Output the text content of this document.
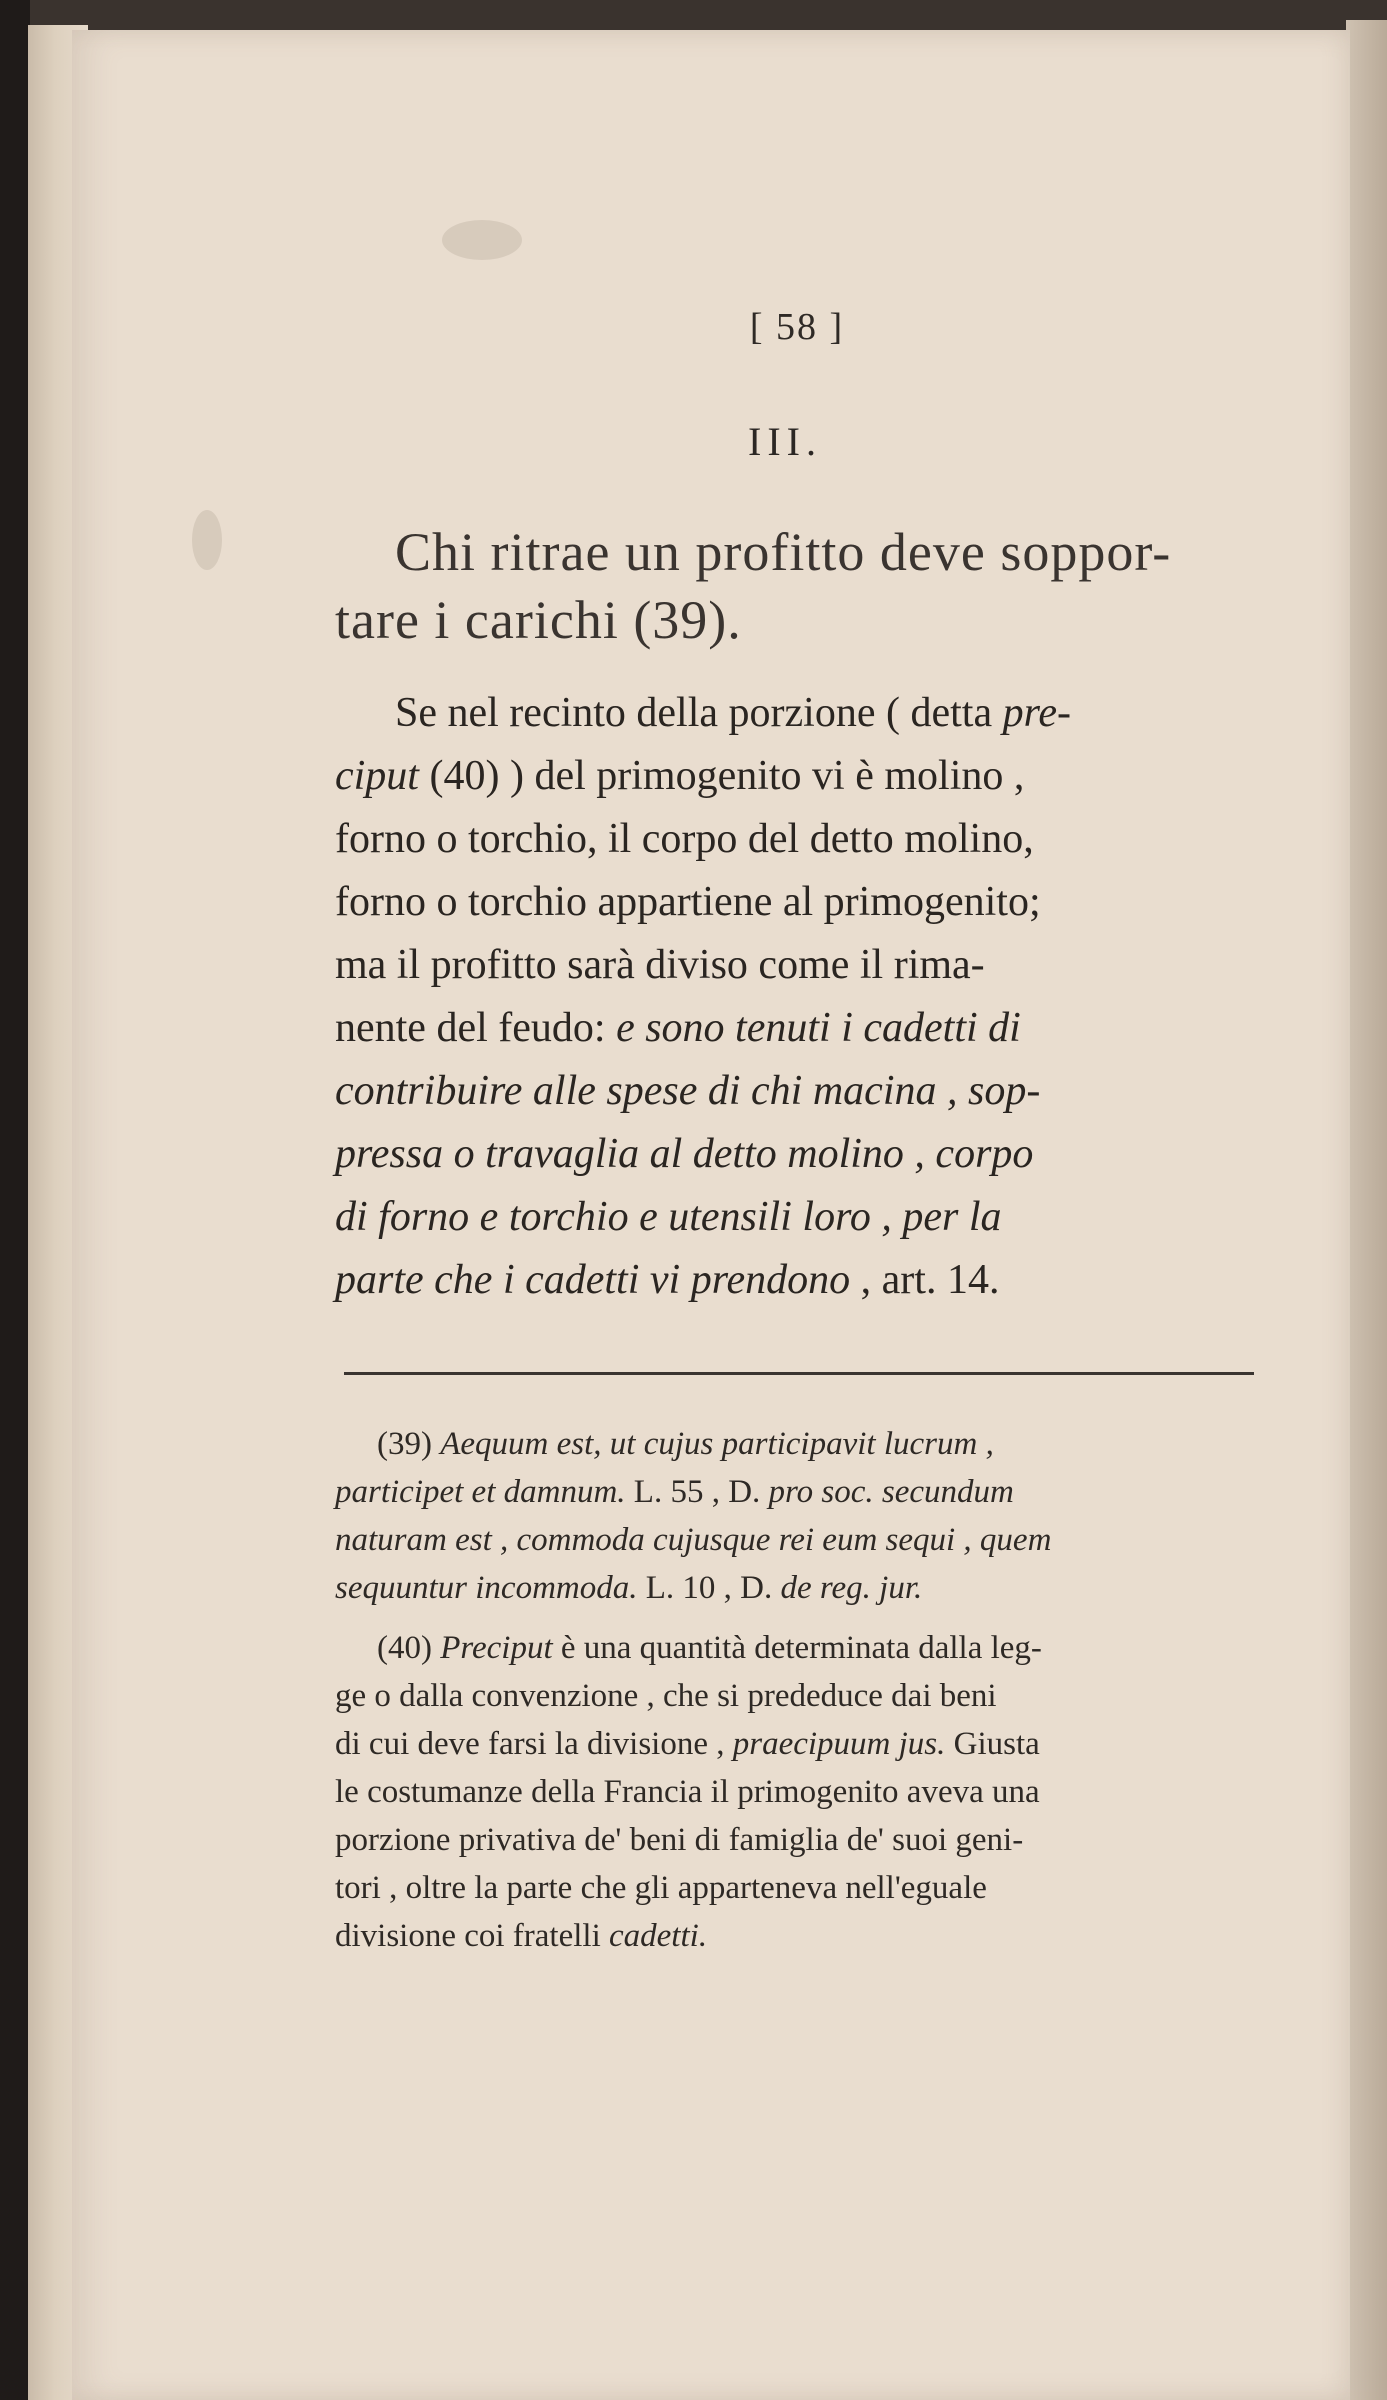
[ 58 ]
III.
Chi ritrae un profitto deve soppor-
tare i carichi (39).
Se nel recinto della porzione ( detta pre-
ciput (40) ) del primogenito vi è molino ,
forno o torchio, il corpo del detto molino,
forno o torchio appartiene al primogenito;
ma il profitto sarà diviso come il rima-
nente del feudo: e sono tenuti i cadetti di
contribuire alle spese di chi macina , sop-
pressa o travaglia al detto molino , corpo
di forno e torchio e utensili loro , per la
parte che i cadetti vi prendono , art. 14.
(39) Aequum est, ut cujus participavit lucrum ,
participet et damnum. L. 55 , D. pro soc. secundum
naturam est , commoda cujusque rei eum sequi , quem
sequuntur incommoda. L. 10 , D. de reg. jur.
(40) Preciput è una quantità determinata dalla leg-
ge o dalla convenzione , che si prededuce dai beni
di cui deve farsi la divisione , praecipuum jus. Giusta
le costumanze della Francia il primogenito aveva una
porzione privativa de' beni di famiglia de' suoi geni-
tori , oltre la parte che gli apparteneva nell'eguale
divisione coi fratelli cadetti.
